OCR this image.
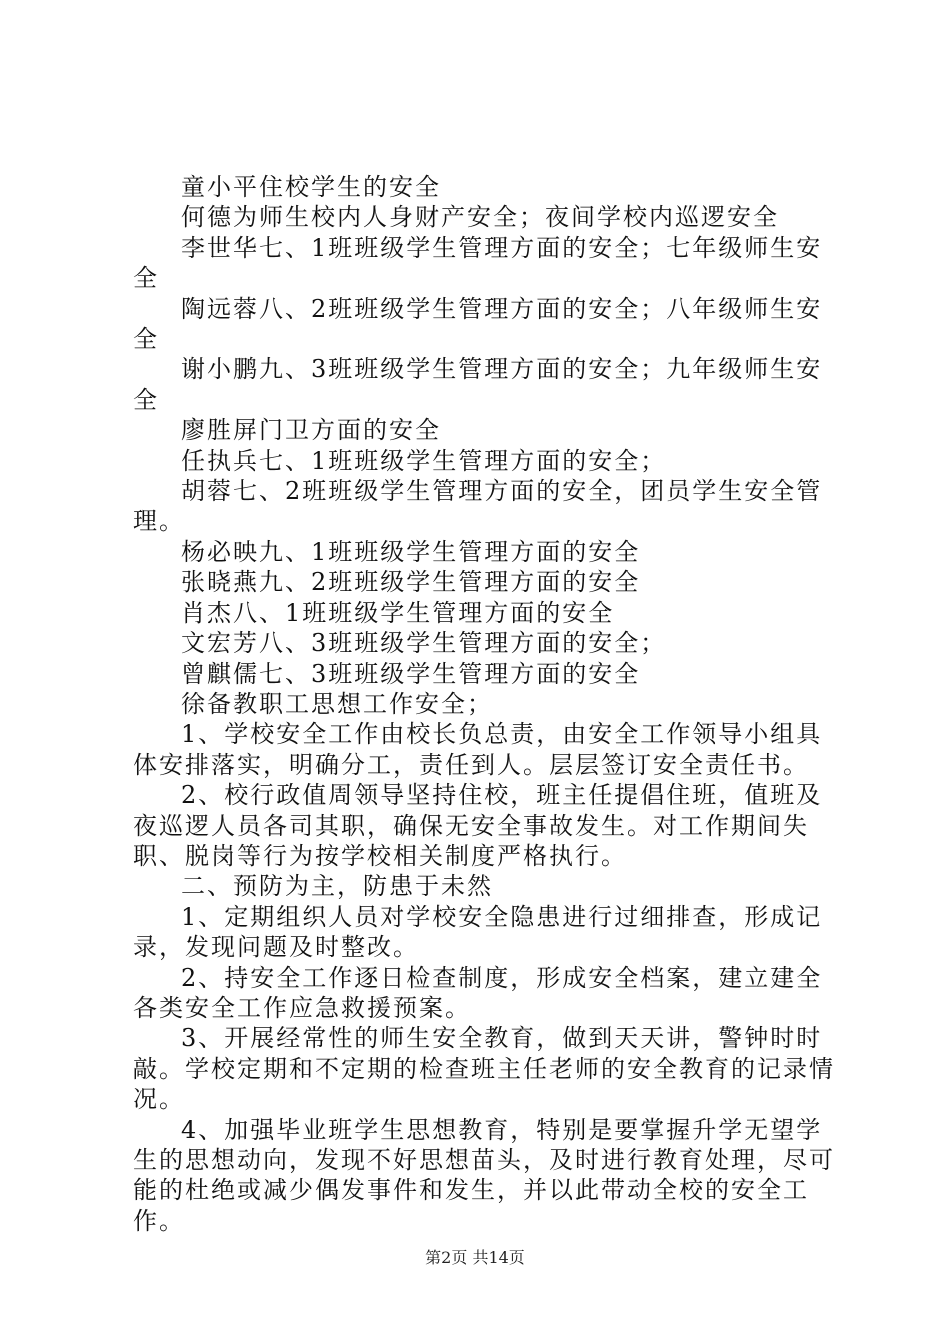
童小平住校学生的安全

何德为师生校内人身财产安全；夜间学校内巡逻安全

李世华七、1班班级学生管理方面的安全；七年级师生安全

陶远蓉八、2班班级学生管理方面的安全；八年级师生安全

谢小鹏九、3班班级学生管理方面的安全；九年级师生安全

廖胜屏门卫方面的安全

任执兵七、1班班级学生管理方面的安全；

胡蓉七、2班班级学生管理方面的安全，团员学生安全管理。

杨必映九、1班班级学生管理方面的安全

张晓燕九、2班班级学生管理方面的安全

肖杰八、1班班级学生管理方面的安全

文宏芳八、3班班级学生管理方面的安全；

曾麒儒七、3班班级学生管理方面的安全

徐备教职工思想工作安全；

1、学校安全工作由校长负总责，由安全工作领导小组具体安排落实，明确分工，责任到人。层层签订安全责任书。

2、校行政值周领导坚持住校，班主任提倡住班，值班及夜巡逻人员各司其职，确保无安全事故发生。对工作期间失职、脱岗等行为按学校相关制度严格执行。

二、预防为主，防患于未然

1、定期组织人员对学校安全隐患进行过细排查，形成记录，发现问题及时整改。

2、持安全工作逐日检查制度，形成安全档案，建立建全各类安全工作应急救援预案。

3、开展经常性的师生安全教育，做到天天讲，警钟时时敲。学校定期和不定期的检查班主任老师的安全教育的记录情况。

4、加强毕业班学生思想教育，特别是要掌握升学无望学生的思想动向，发现不好思想苗头，及时进行教育处理，尽可能的杜绝或减少偶发事件和发生，并以此带动全校的安全工作。

第2页 共14页
